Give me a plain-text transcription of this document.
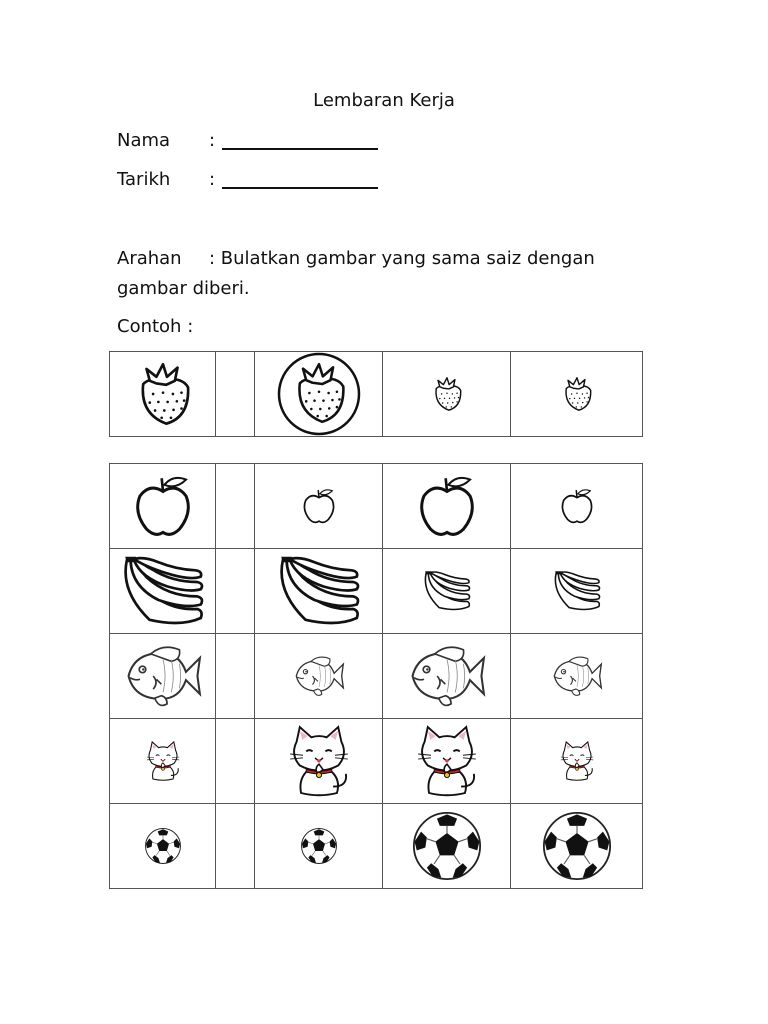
Lembaran Kerja
Nama :
Tarikh :
Arahan : Bulatkan gambar yang sama saiz dengan
gambar diberi.
Contoh :
